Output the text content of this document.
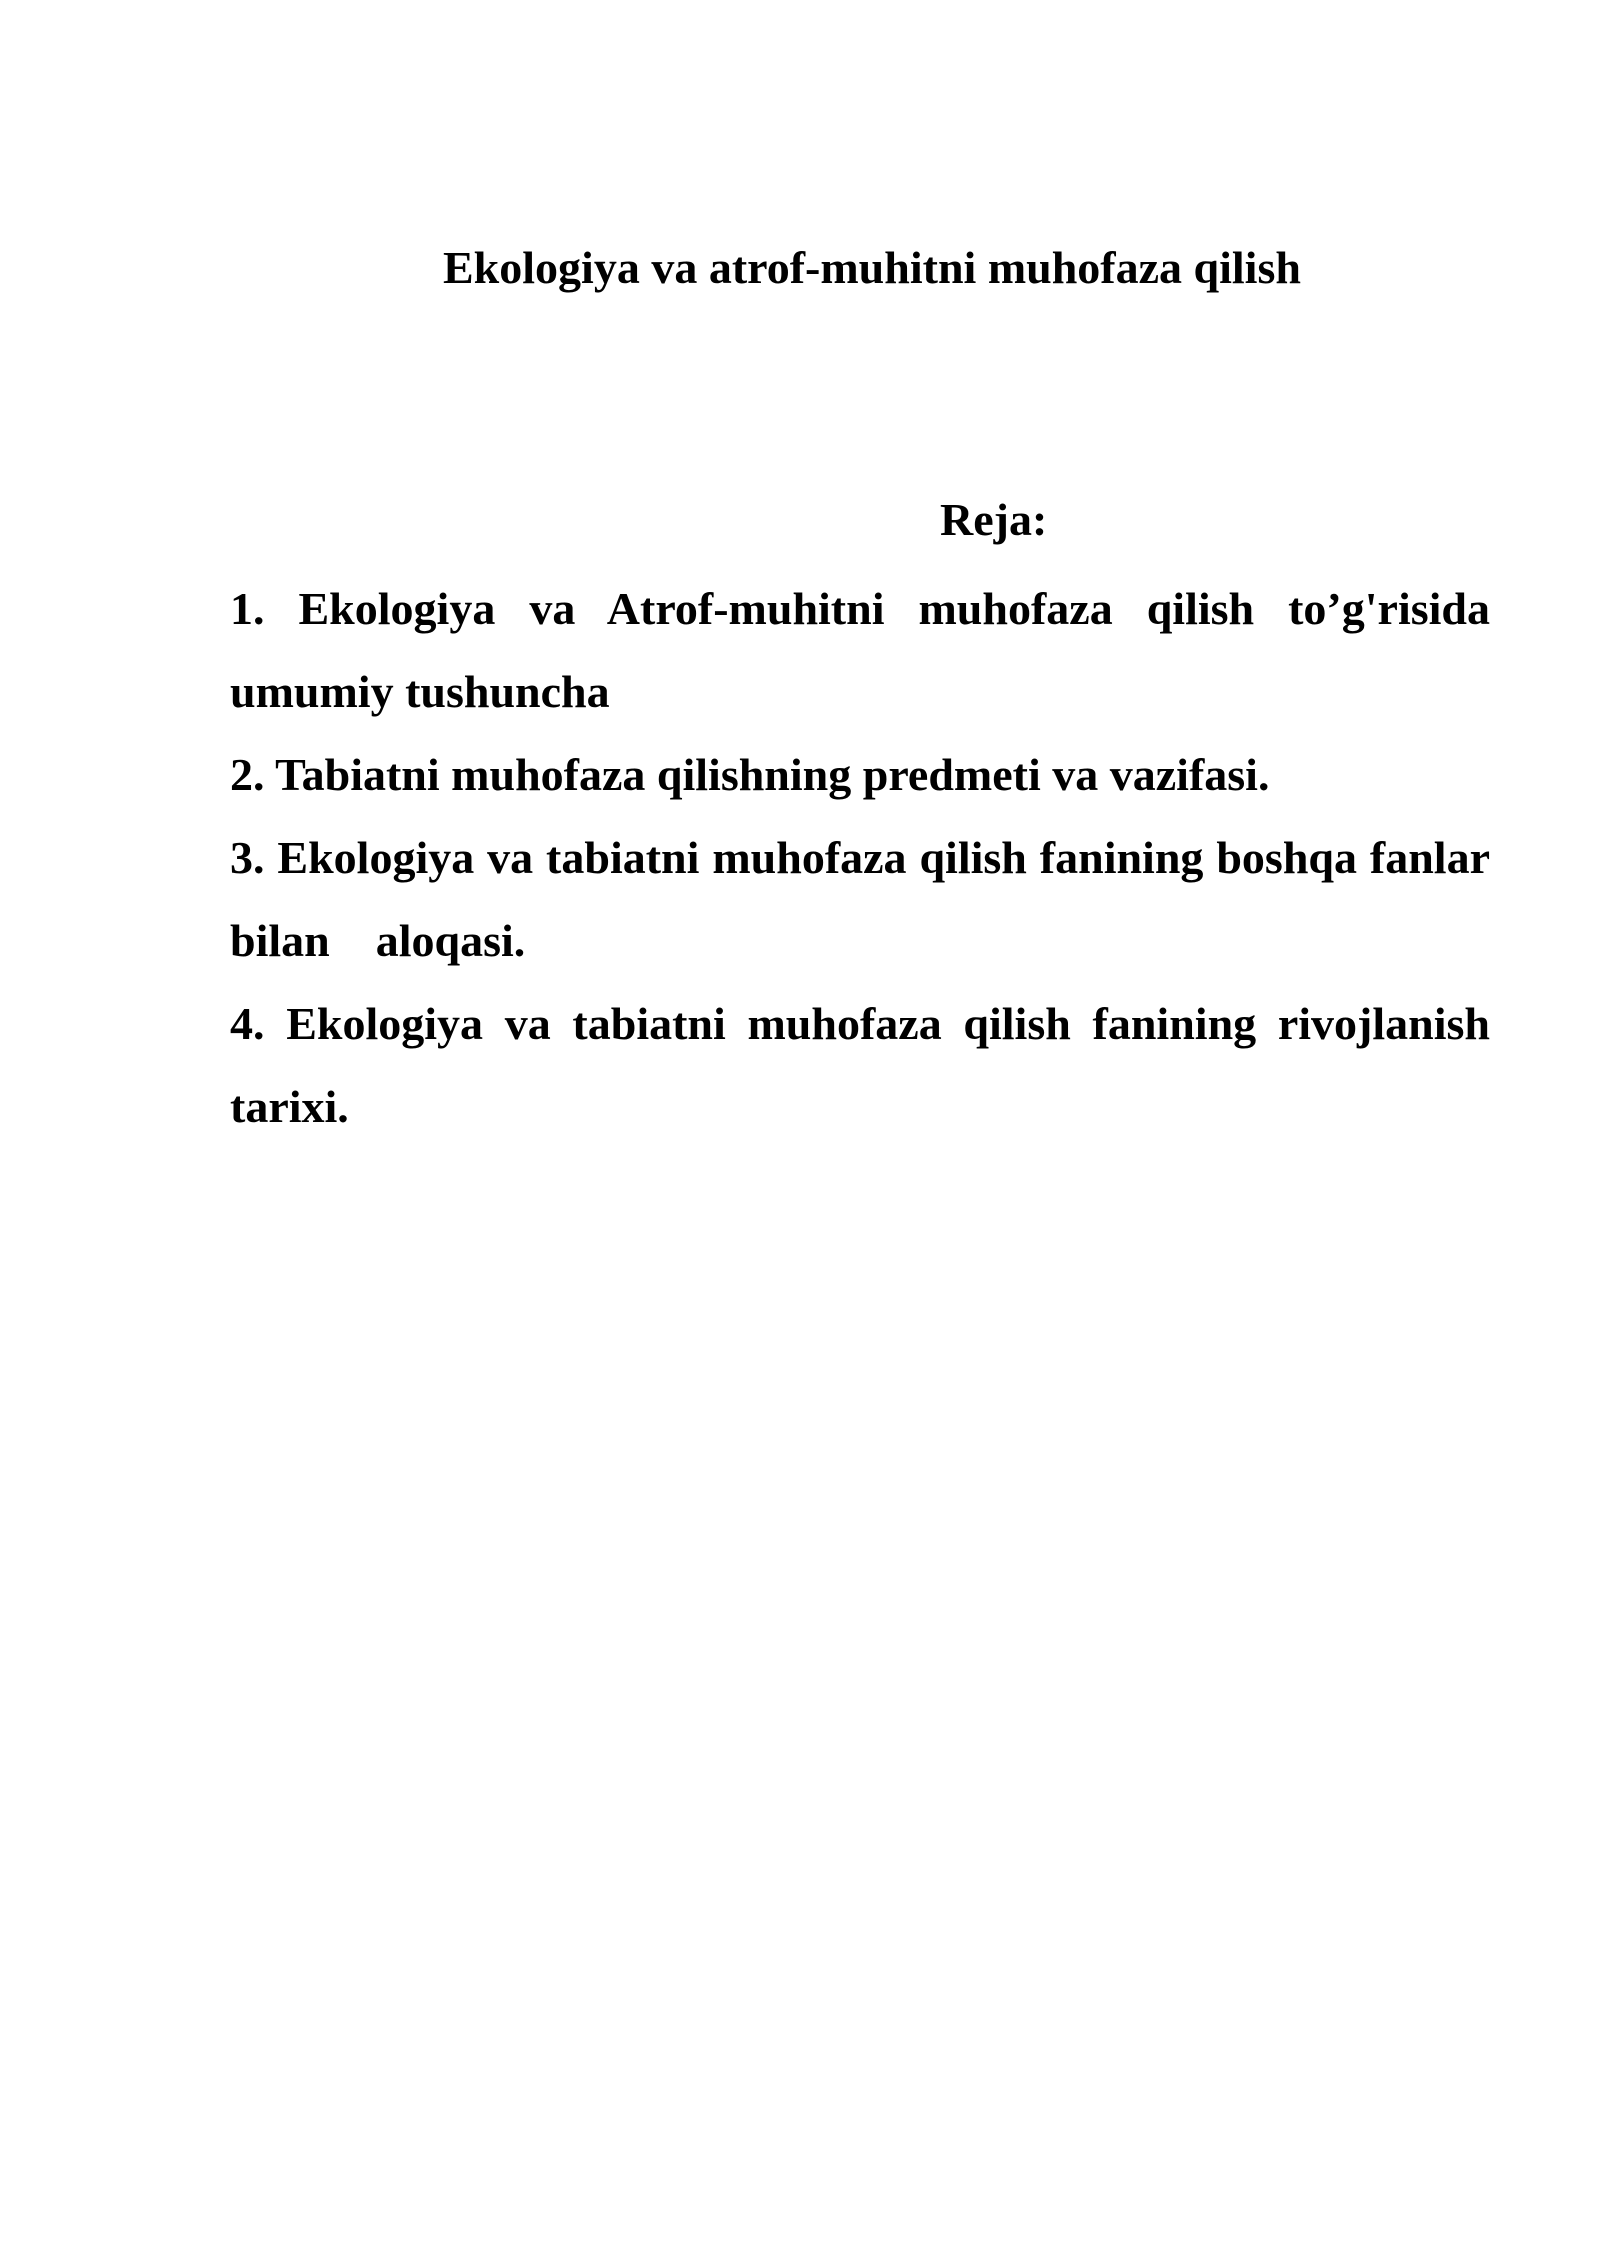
Ekologiya va atrof-muhitni muhofaza qilish
Reja:
1. Ekologiya va Atrof-muhitni muhofaza qilish to’g'risida umumiy tushuncha
2. Tabiatni muhofaza qilishning predmeti va vazifasi.
3. Ekologiya va tabiatni muhofaza qilish fanining boshqa fanlar bilan    aloqasi.
4. Ekologiya va tabiatni muhofaza qilish fanining rivojlanish tarixi.
